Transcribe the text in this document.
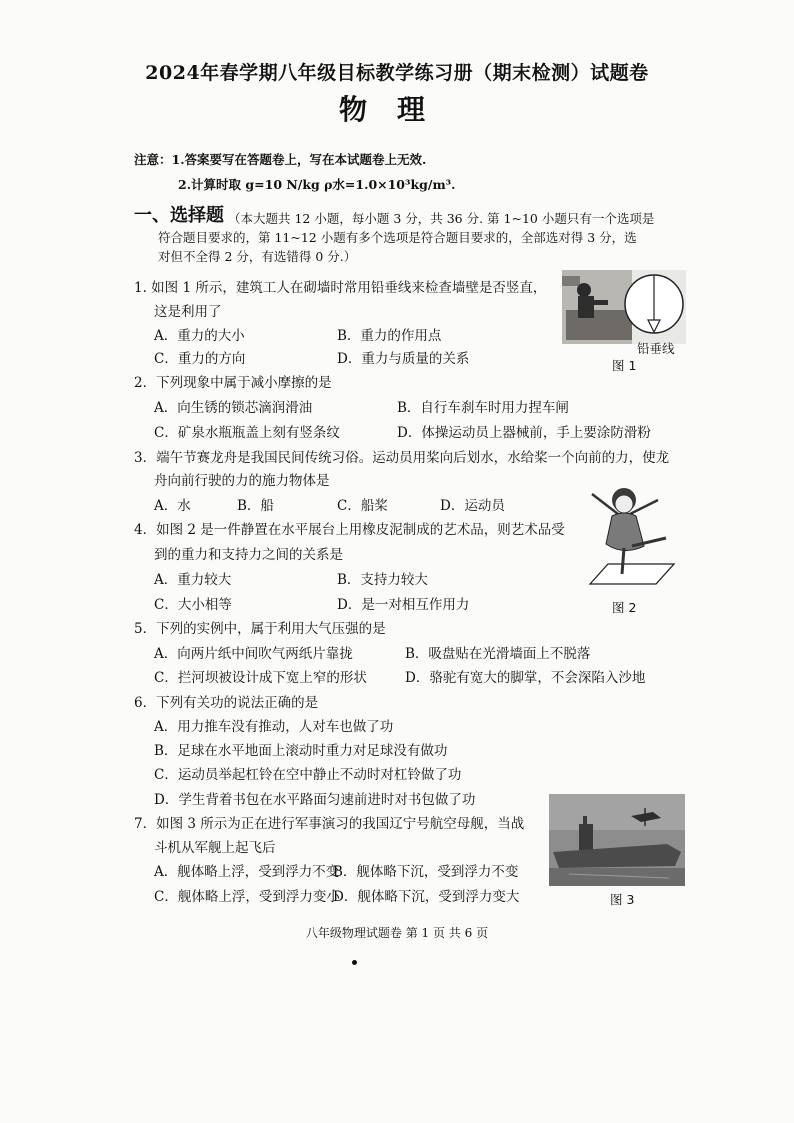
2024年春学期八年级目标教学练习册（期末检测）试题卷
物理
注意：1.答案要写在答题卷上，写在本试题卷上无效.
2.计算时取 g=10 N/kg ρ水=1.0×10³kg/m³.
一、选择题 （本大题共 12 小题，每小题 3 分，共 36 分. 第 1~10 小题只有一个选项是
符合题目要求的，第 11~12 小题有多个选项是符合题目要求的，全部选对得 3 分，选
对但不全得 2 分，有选错得 0 分.）
1. 如图 1 所示，建筑工人在砌墙时常用铅垂线来检查墙壁是否竖直，
这是利用了
A．重力的大小	B．重力的作用点
C．重力的方向	D．重力与质量的关系
2．下列现象中属于减小摩擦的是
A．向生锈的锁芯滴润滑油	B．自行车刹车时用力捏车闸
C．矿泉水瓶瓶盖上刻有竖条纹	D．体操运动员上器械前，手上要涂防滑粉
3．端午节赛龙舟是我国民间传统习俗。运动员用桨向后划水，水给桨一个向前的力，使龙
舟向前行驶的力的施力物体是
A．水	B．船	C．船桨	D．运动员
4．如图 2 是一件静置在水平展台上用橡皮泥制成的艺术品，则艺术品受
到的重力和支持力之间的关系是
A．重力较大	B．支持力较大
C．大小相等	D．是一对相互作用力
5．下列的实例中，属于利用大气压强的是
A．向两片纸中间吹气两纸片靠拢	B．吸盘贴在光滑墙面上不脱落
C．拦河坝被设计成下宽上窄的形状	D．骆驼有宽大的脚掌，不会深陷入沙地
6．下列有关功的说法正确的是
A．用力推车没有推动，人对车也做了功
B．足球在水平地面上滚动时重力对足球没有做功
C．运动员举起杠铃在空中静止不动时对杠铃做了功
D．学生背着书包在水平路面匀速前进时对书包做了功
7．如图 3 所示为正在进行军事演习的我国辽宁号航空母舰，当战
斗机从军舰上起飞后
A．舰体略上浮，受到浮力不变
B．舰体略下沉，受到浮力不变
C．舰体略上浮，受到浮力变小
D．舰体略下沉，受到浮力变大
铅垂线
图 1
图 2
图 3
八年级物理试题卷 第 1 页 共 6 页
